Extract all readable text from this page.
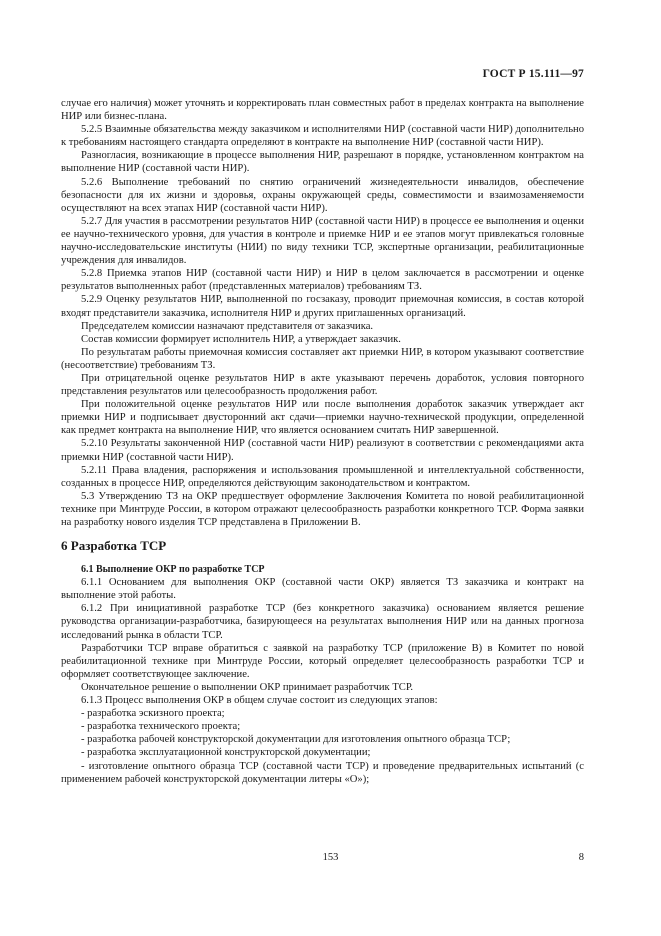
ГОСТ Р 15.111—97

случае его наличия) может уточнять и корректировать план совместных работ в пределах контракта на выполнение НИР или бизнес-плана.

5.2.5 Взаимные обязательства между заказчиком и исполнителями НИР (составной части НИР) дополнительно к требованиям настоящего стандарта определяют в контракте на выполнение НИР (составной части НИР).

Разногласия, возникающие в процессе выполнения НИР, разрешают в порядке, установленном контрактом на выполнение НИР (составной части НИР).

5.2.6 Выполнение требований по снятию ограничений жизнедеятельности инвалидов, обеспечение безопасности для их жизни и здоровья, охраны окружающей среды, совместимости и взаимозаменяемости осуществляют на всех этапах НИР (составной части НИР).

5.2.7 Для участия в рассмотрении результатов НИР (составной части НИР) в процессе ее выполнения и оценки ее научно-технического уровня, для участия в контроле и приемке НИР и ее этапов могут привлекаться головные научно-исследовательские институты (НИИ) по виду техники ТСР, экспертные организации, реабилитационные учреждения для инвалидов.

5.2.8 Приемка этапов НИР (составной части НИР) и НИР в целом заключается в рассмотрении и оценке результатов выполненных работ (представленных материалов) требованиям ТЗ.

5.2.9 Оценку результатов НИР, выполненной по госзаказу, проводит приемочная комиссия, в состав которой входят представители заказчика, исполнителя НИР и других приглашенных организаций.

Председателем комиссии назначают представителя от заказчика.

Состав комиссии формирует исполнитель НИР, а утверждает заказчик.

По результатам работы приемочная комиссия составляет акт приемки НИР, в котором указывают соответствие (несоответствие) требованиям ТЗ.

При отрицательной оценке результатов НИР в акте указывают перечень доработок, условия повторного представления результатов или целесообразность продолжения работ.

При положительной оценке результатов НИР или после выполнения доработок заказчик утверждает акт приемки НИР и подписывает двусторонний акт сдачи—приемки научно-технической продукции, определенной как предмет контракта на выполнение НИР, что является основанием считать НИР завершенной.

5.2.10 Результаты законченной НИР (составной части НИР) реализуют в соответствии с рекомендациями акта приемки НИР (составной части НИР).

5.2.11 Права владения, распоряжения и использования промышленной и интеллектуальной собственности, созданных в процессе НИР, определяются действующим законодательством и контрактом.

5.3 Утверждению ТЗ на ОКР предшествует оформление Заключения Комитета по новой реабилитационной технике при Минтруде России, в котором отражают целесообразность разработки конкретного ТСР. Форма заявки на разработку нового изделия ТСР представлена в Приложении В.

6 Разработка ТСР

6.1 Выполнение ОКР по разработке ТСР

6.1.1 Основанием для выполнения ОКР (составной части ОКР) является ТЗ заказчика и контракт на выполнение этой работы.

6.1.2 При инициативной разработке ТСР (без конкретного заказчика) основанием является решение руководства организации-разработчика, базирующееся на результатах выполнения НИР или на данных прогноза исследований рынка в области ТСР.

Разработчики ТСР вправе обратиться с заявкой на разработку ТСР (приложение В) в Комитет по новой реабилитационной технике при Минтруде России, который определяет целесообразность разработки ТСР и оформляет соответствующее заключение.

Окончательное решение о выполнении ОКР принимает разработчик ТСР.

6.1.3 Процесс выполнения ОКР в общем случае состоит из следующих этапов:

- разработка эскизного проекта;

- разработка технического проекта;

- разработка рабочей конструкторской документации для изготовления опытного образца ТСР;

- разработка эксплуатационной конструкторской документации;

- изготовление опытного образца ТСР (составной части ТСР) и проведение предварительных испытаний (с применением рабочей конструкторской документации литеры «О»);

153	8
